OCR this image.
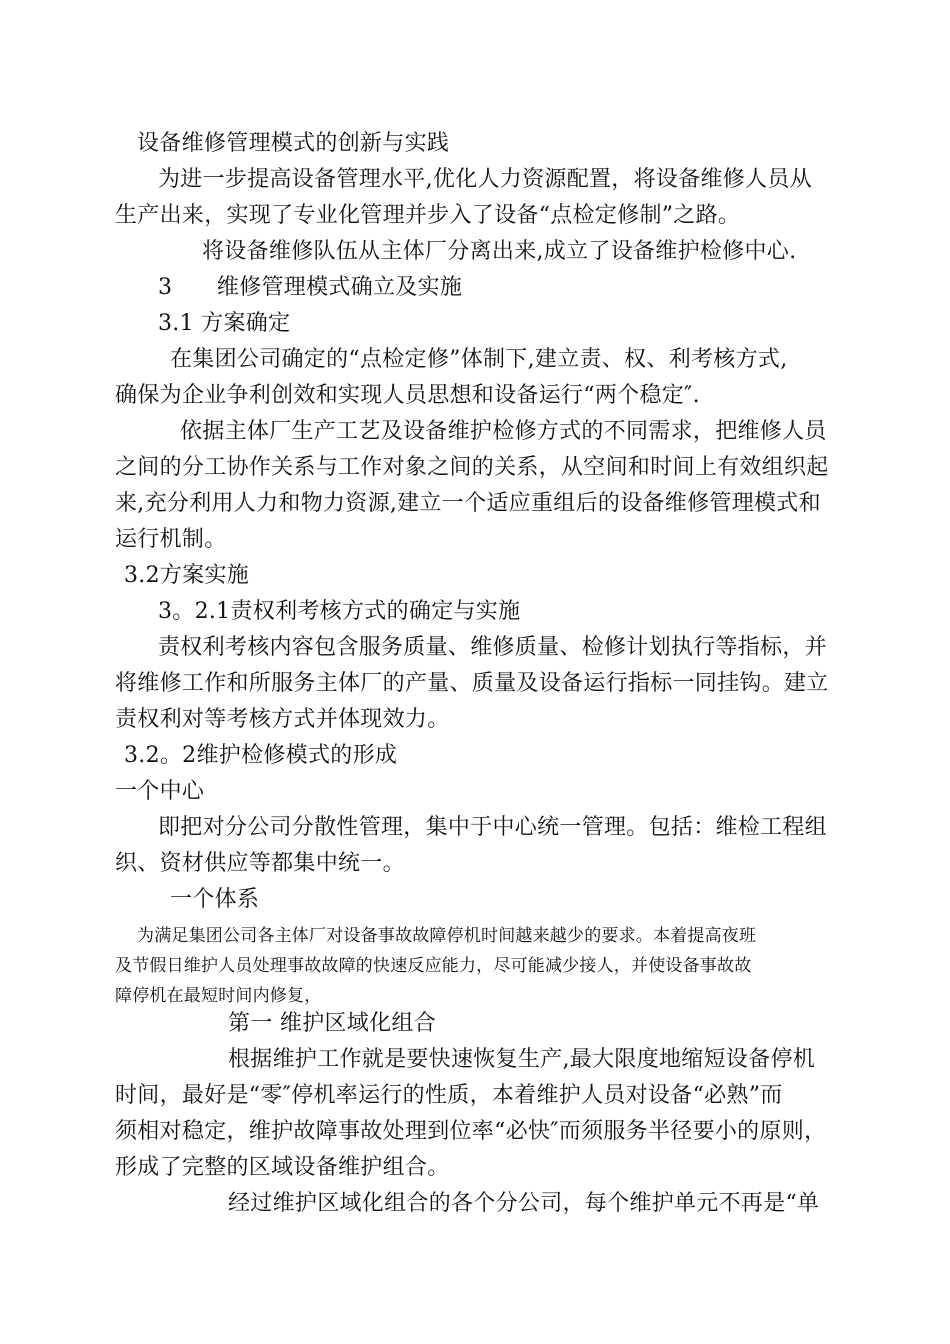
设备维修管理模式的创新与实践
为进一步提高设备管理水平,优化人力资源配置，将设备维修人员从
生产出来，实现了专业化管理并步入了设备“点检定修制”之路。
将设备维修队伍从主体厂分离出来,成立了设备维护检修中心.
3　　维修管理模式确立及实施
3.1 方案确定
在集团公司确定的“点检定修”体制下,建立责、权、利考核方式,
确保为企业争利创效和实现人员思想和设备运行“两个稳定″.
依据主体厂生产工艺及设备维护检修方式的不同需求，把维修人员
之间的分工协作关系与工作对象之间的关系，从空间和时间上有效组织起
来,充分利用人力和物力资源,建立一个适应重组后的设备维修管理模式和
运行机制。
3.2方案实施
3。2.1责权利考核方式的确定与实施
责权利考核内容包含服务质量、维修质量、检修计划执行等指标，并
将维修工作和所服务主体厂的产量、质量及设备运行指标一同挂钩。建立
责权利对等考核方式并体现效力。
3.2。2维护检修模式的形成
一个中心
即把对分公司分散性管理，集中于中心统一管理。包括：维检工程组
织、资材供应等都集中统一。
一个体系
为满足集团公司各主体厂对设备事故故障停机时间越来越少的要求。本着提高夜班
及节假日维护人员处理事故故障的快速反应能力，尽可能减少接人，并使设备事故故
障停机在最短时间内修复，
第一 维护区域化组合
根据维护工作就是要快速恢复生产,最大限度地缩短设备停机
时间，最好是“零″停机率运行的性质，本着维护人员对设备“必熟”而
须相对稳定，维护故障事故处理到位率“必快″而须服务半径要小的原则，
形成了完整的区域设备维护组合。
经过维护区域化组合的各个分公司，每个维护单元不再是“单
